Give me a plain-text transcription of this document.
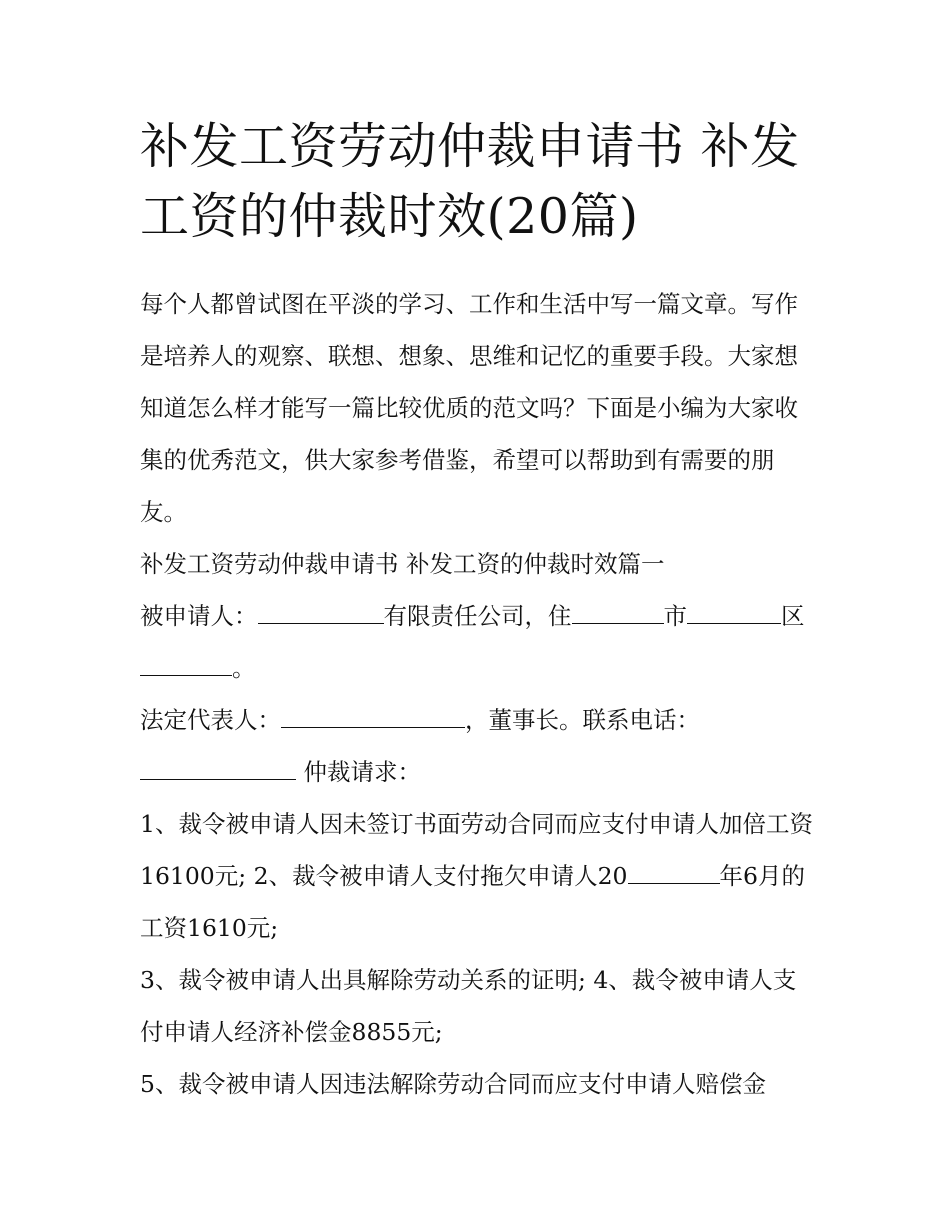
补发工资劳动仲裁申请书 补发工资的仲裁时效(20篇)

每个人都曾试图在平淡的学习、工作和生活中写一篇文章。写作是培养人的观察、联想、想象、思维和记忆的重要手段。大家想知道怎么样才能写一篇比较优质的范文吗？下面是小编为大家收集的优秀范文，供大家参考借鉴，希望可以帮助到有需要的朋友。

补发工资劳动仲裁申请书 补发工资的仲裁时效篇一

被申请人：	有限责任公司，住	市	区。

法定代表人：	，董事长。联系电话：
仲裁请求：

1、裁令被申请人因未签订书面劳动合同而应支付申请人加倍工资16100元; 2、裁令被申请人支付拖欠申请人20	年6月的工资1610元;

3、裁令被申请人出具解除劳动关系的证明; 4、裁令被申请人支付申请人经济补偿金8855元;

5、裁令被申请人因违法解除劳动合同而应支付申请人赔偿金
